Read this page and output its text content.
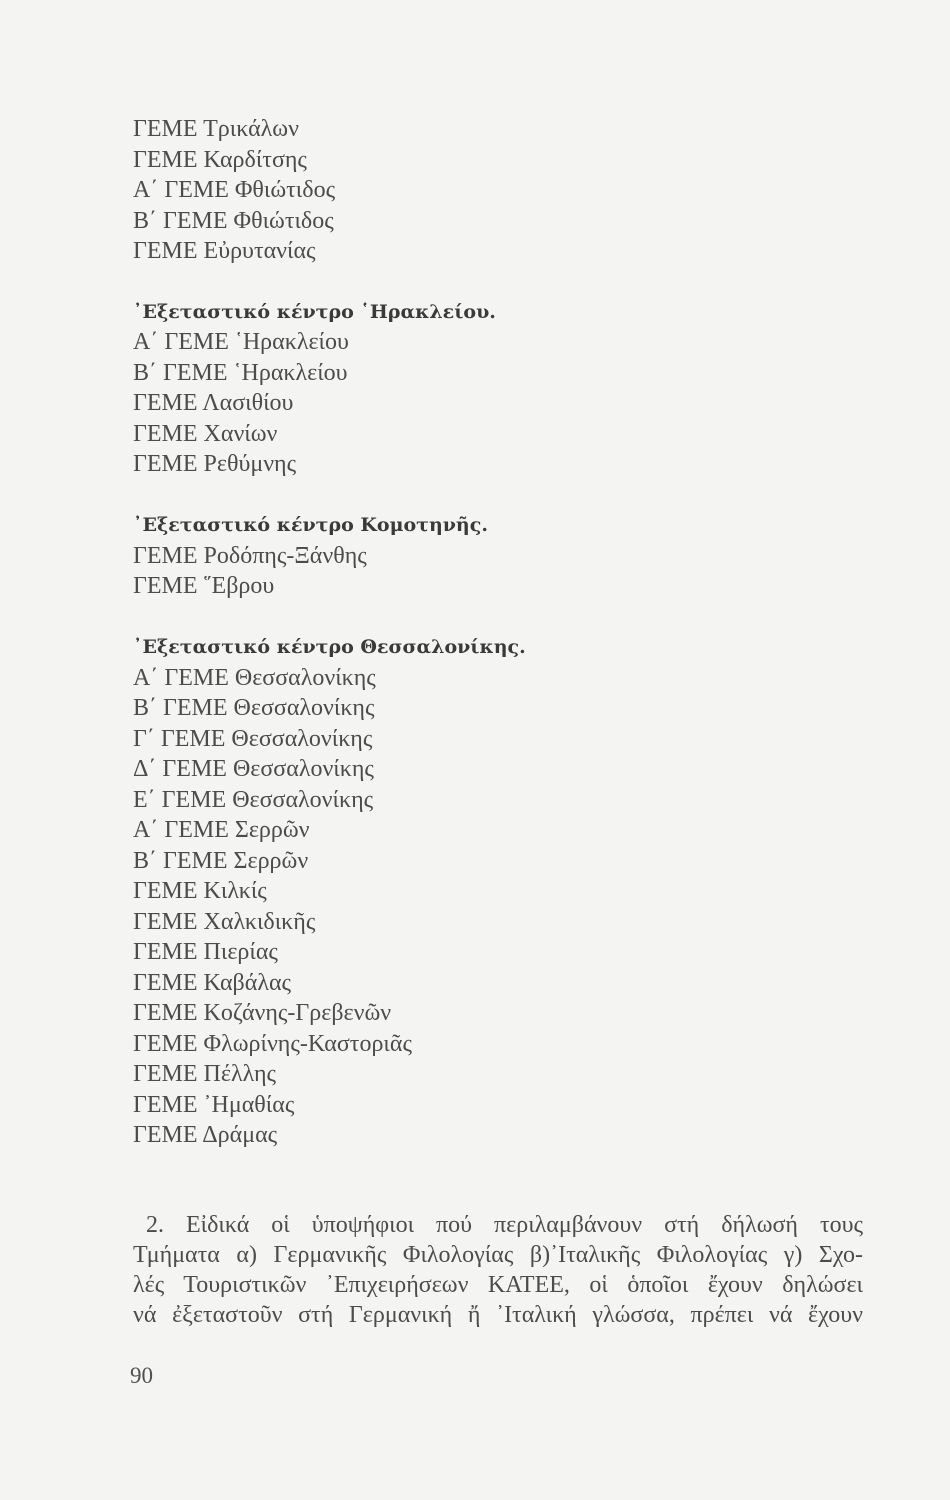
ΓΕΜΕ Τρικάλων
ΓΕΜΕ Καρδίτσης
Α΄ ΓΕΜΕ Φθιώτιδος
Β΄ ΓΕΜΕ Φθιώτιδος
ΓΕΜΕ Εὐρυτανίας
᾿Εξεταστικό κέντρο ῾Ηρακλείου.
Α΄ ΓΕΜΕ ῾Ηρακλείου
Β΄ ΓΕΜΕ ῾Ηρακλείου
ΓΕΜΕ Λασιθίου
ΓΕΜΕ Χανίων
ΓΕΜΕ Ρεθύμνης
᾿Εξεταστικό κέντρο Κομοτηνῆς.
ΓΕΜΕ Ροδόπης-Ξάνθης
ΓΕΜΕ ῞Εβρου
᾿Εξεταστικό κέντρο Θεσσαλονίκης.
Α΄ ΓΕΜΕ Θεσσαλονίκης
Β΄ ΓΕΜΕ Θεσσαλονίκης
Γ΄ ΓΕΜΕ Θεσσαλονίκης
Δ΄ ΓΕΜΕ Θεσσαλονίκης
Ε΄ ΓΕΜΕ Θεσσαλονίκης
Α΄ ΓΕΜΕ Σερρῶν
Β΄ ΓΕΜΕ Σερρῶν
ΓΕΜΕ Κιλκίς
ΓΕΜΕ Χαλκιδικῆς
ΓΕΜΕ Πιερίας
ΓΕΜΕ Καβάλας
ΓΕΜΕ Κοζάνης-Γρεβενῶν
ΓΕΜΕ Φλωρίνης-Καστοριᾶς
ΓΕΜΕ Πέλλης
ΓΕΜΕ ᾿Ημαθίας
ΓΕΜΕ Δράμας
2. Εἰδικά οἱ ὑποψήφιοι πού περιλαμβάνουν στή δήλωσή τους
Τμήματα α) Γερμανικῆς Φιλολογίας β)᾿Ιταλικῆς Φιλολογίας γ) Σχο-
λές Τουριστικῶν ᾿Επιχειρήσεων ΚΑΤΕΕ, οἱ ὁποῖοι ἔχουν δηλώσει
νά ἐξεταστοῦν στή Γερμανική ἤ ᾿Ιταλική γλώσσα, πρέπει νά ἔχουν
90
